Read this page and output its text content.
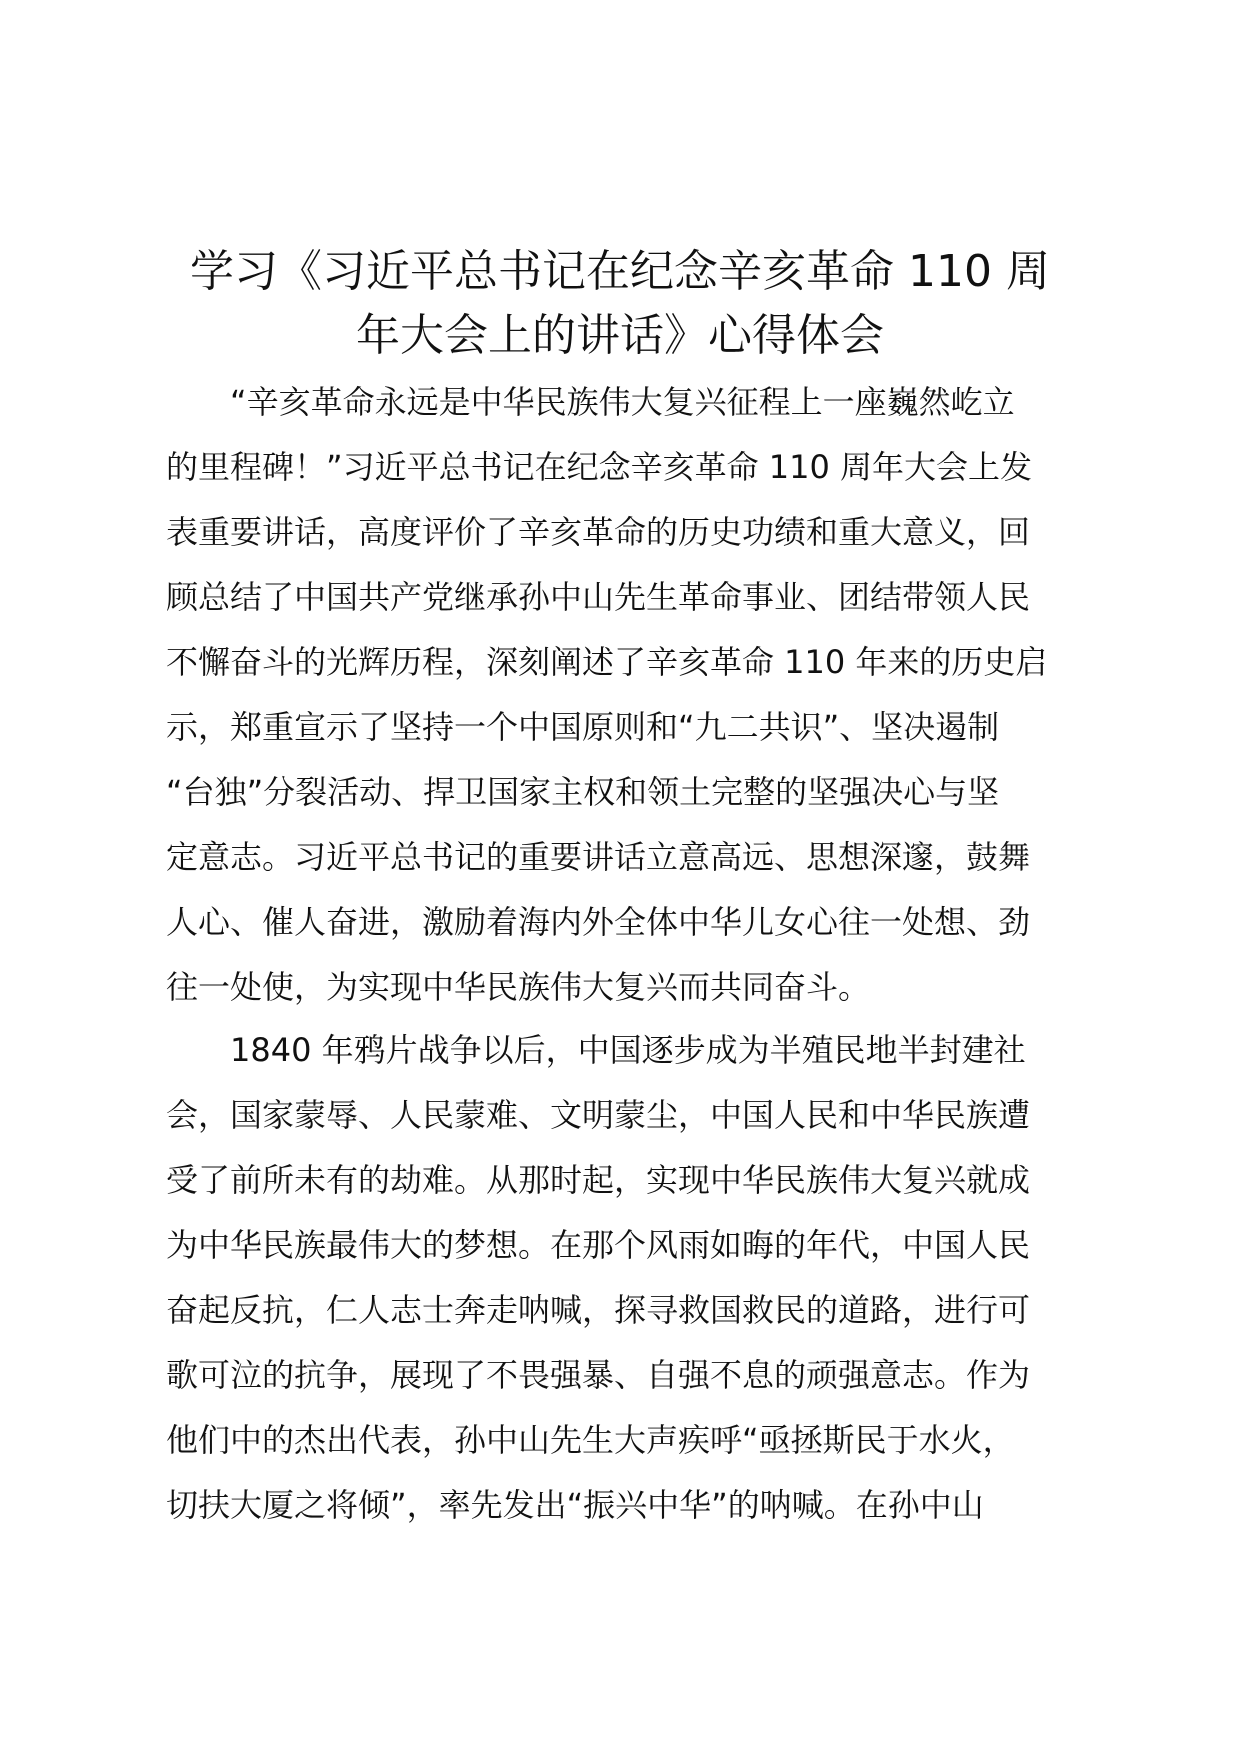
学习《习近平总书记在纪念辛亥革命 110 周
年大会上的讲话》心得体会

“辛亥革命永远是中华民族伟大复兴征程上一座巍然屹立
的里程碑！”习近平总书记在纪念辛亥革命 110 周年大会上发
表重要讲话，高度评价了辛亥革命的历史功绩和重大意义，回
顾总结了中国共产党继承孙中山先生革命事业、团结带领人民
不懈奋斗的光辉历程，深刻阐述了辛亥革命 110 年来的历史启
示，郑重宣示了坚持一个中国原则和“九二共识”、坚决遏制
“台独”分裂活动、捍卫国家主权和领土完整的坚强决心与坚
定意志。习近平总书记的重要讲话立意高远、思想深邃，鼓舞
人心、催人奋进，激励着海内外全体中华儿女心往一处想、劲
往一处使，为实现中华民族伟大复兴而共同奋斗。

1840 年鸦片战争以后，中国逐步成为半殖民地半封建社
会，国家蒙辱、人民蒙难、文明蒙尘，中国人民和中华民族遭
受了前所未有的劫难。从那时起，实现中华民族伟大复兴就成
为中华民族最伟大的梦想。在那个风雨如晦的年代，中国人民
奋起反抗，仁人志士奔走呐喊，探寻救国救民的道路，进行可
歌可泣的抗争，展现了不畏强暴、自强不息的顽强意志。作为
他们中的杰出代表，孙中山先生大声疾呼“亟拯斯民于水火，
切扶大厦之将倾”，率先发出“振兴中华”的呐喊。在孙中山
